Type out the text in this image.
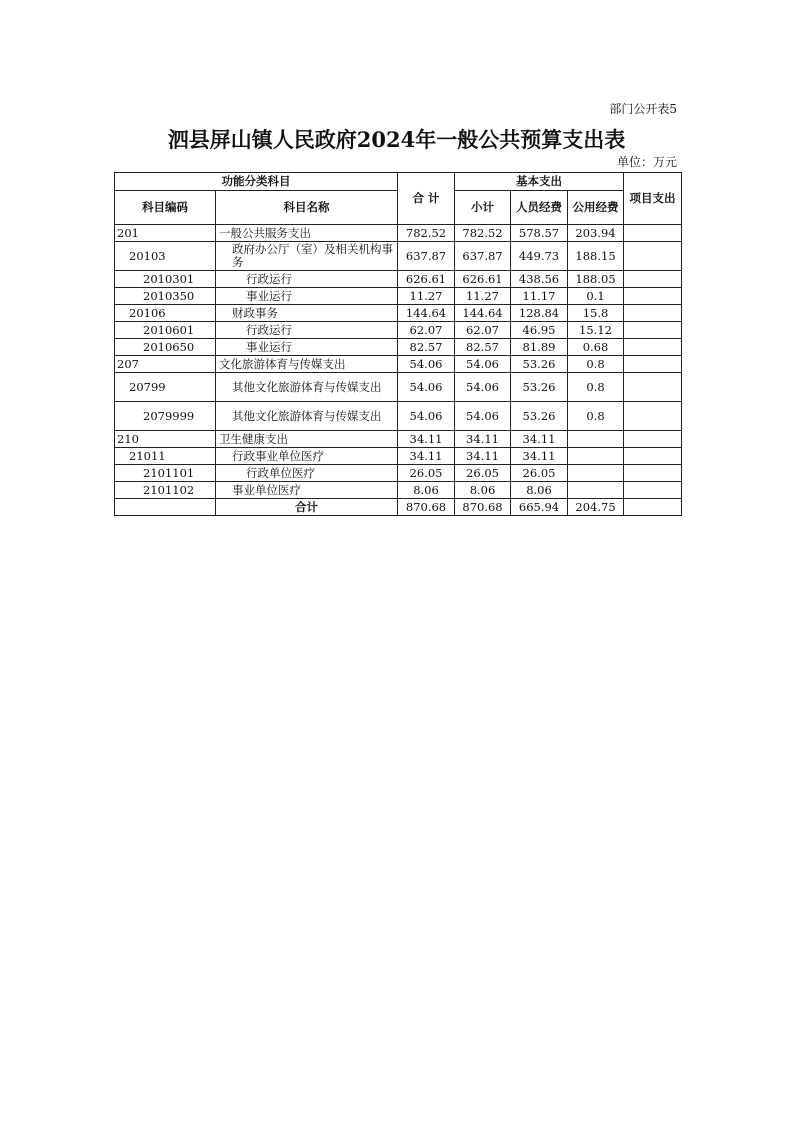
部门公开表5
泗县屏山镇人民政府2024年一般公共预算支出表
单位：万元
功能分类科目		合 计	基本支出			项目支出
科目编码	科目名称		小计	人员经费	公用经费	
201	一般公共服务支出	782.52	782.52	578.57	203.94	
20103	政府办公厅（室）及相关机构事务	637.87	637.87	449.73	188.15	
2010301	行政运行	626.61	626.61	438.56	188.05	
2010350	事业运行	11.27	11.27	11.17	0.1	
20106	财政事务	144.64	144.64	128.84	15.8	
2010601	行政运行	62.07	62.07	46.95	15.12	
2010650	事业运行	82.57	82.57	81.89	0.68	
207	文化旅游体育与传媒支出	54.06	54.06	53.26	0.8	
20799	其他文化旅游体育与传媒支出	54.06	54.06	53.26	0.8	
2079999	其他文化旅游体育与传媒支出	54.06	54.06	53.26	0.8	
210	卫生健康支出	34.11	34.11	34.11		
21011	行政事业单位医疗	34.11	34.11	34.11		
2101101	行政单位医疗	26.05	26.05	26.05		
2101102	事业单位医疗	8.06	8.06	8.06		
	合计	870.68	870.68	665.94	204.75	
